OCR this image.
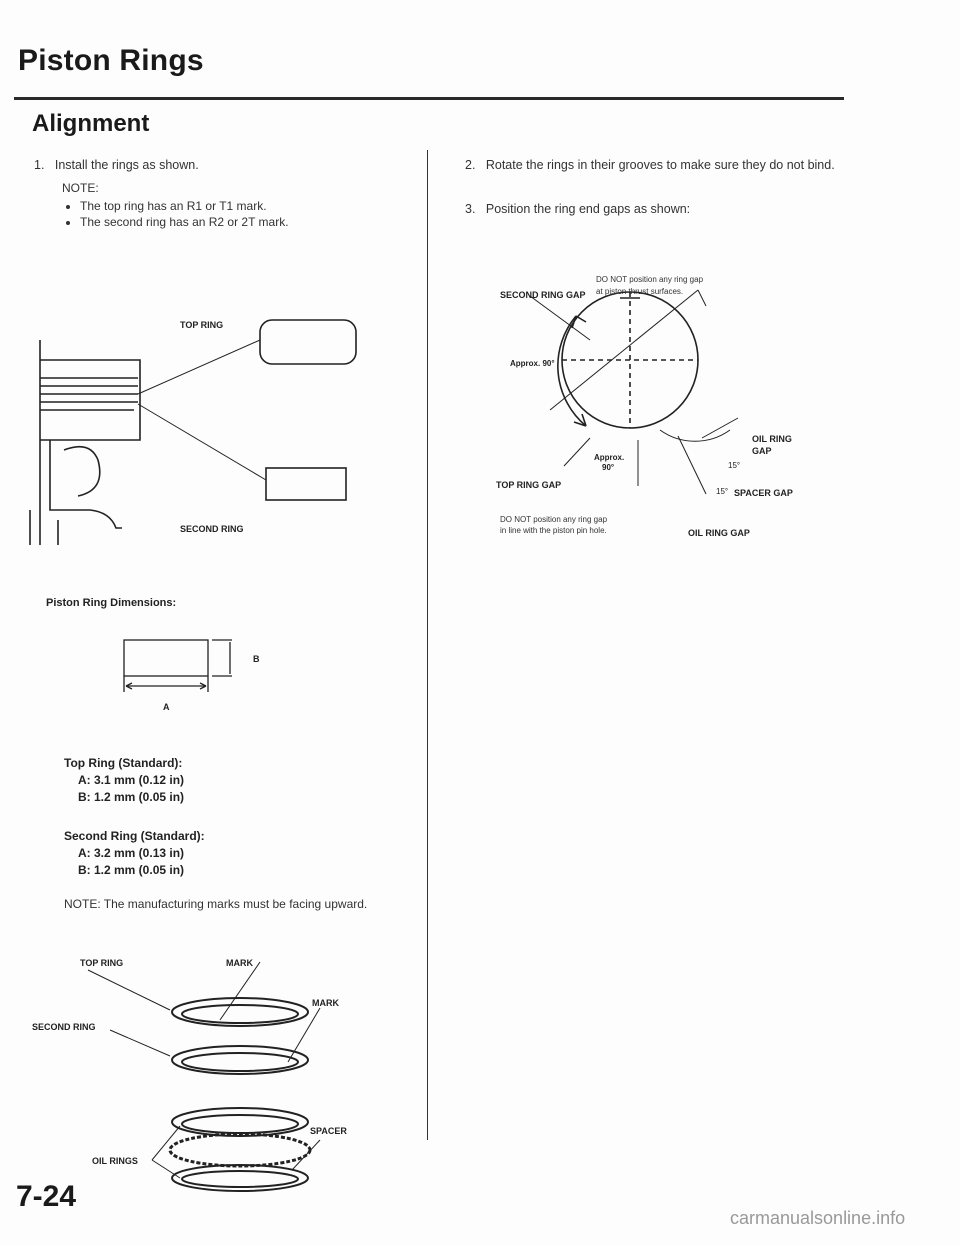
Piston Rings
Alignment
1. Install the rings as shown.
NOTE:
• The top ring has an R1 or T1 mark.
• The second ring has an R2 or 2T mark.
TOP RING
SECOND RING
Piston Ring Dimensions:
A
B
Top Ring (Standard):
A: 3.1 mm (0.12 in)
B: 1.2 mm (0.05 in)
Second Ring (Standard):
A: 3.2 mm (0.13 in)
B: 1.2 mm (0.05 in)
NOTE: The manufacturing marks must be facing upward.
TOP RING	MARK
MARK
SECOND RING
SPACER
OIL RINGS
2. Rotate the rings in their grooves to make sure they do not bind.
3. Position the ring end gaps as shown:
SECOND RING GAP
DO NOT position any ring gap
at piston thrust surfaces.
Approx. 90°
Approx.
90°
TOP RING GAP
OIL RING
GAP
15°
15° SPACER GAP
DO NOT position any ring gap
in line with the piston pin hole.	OIL RING GAP
7-24
carmanualsonline.info
